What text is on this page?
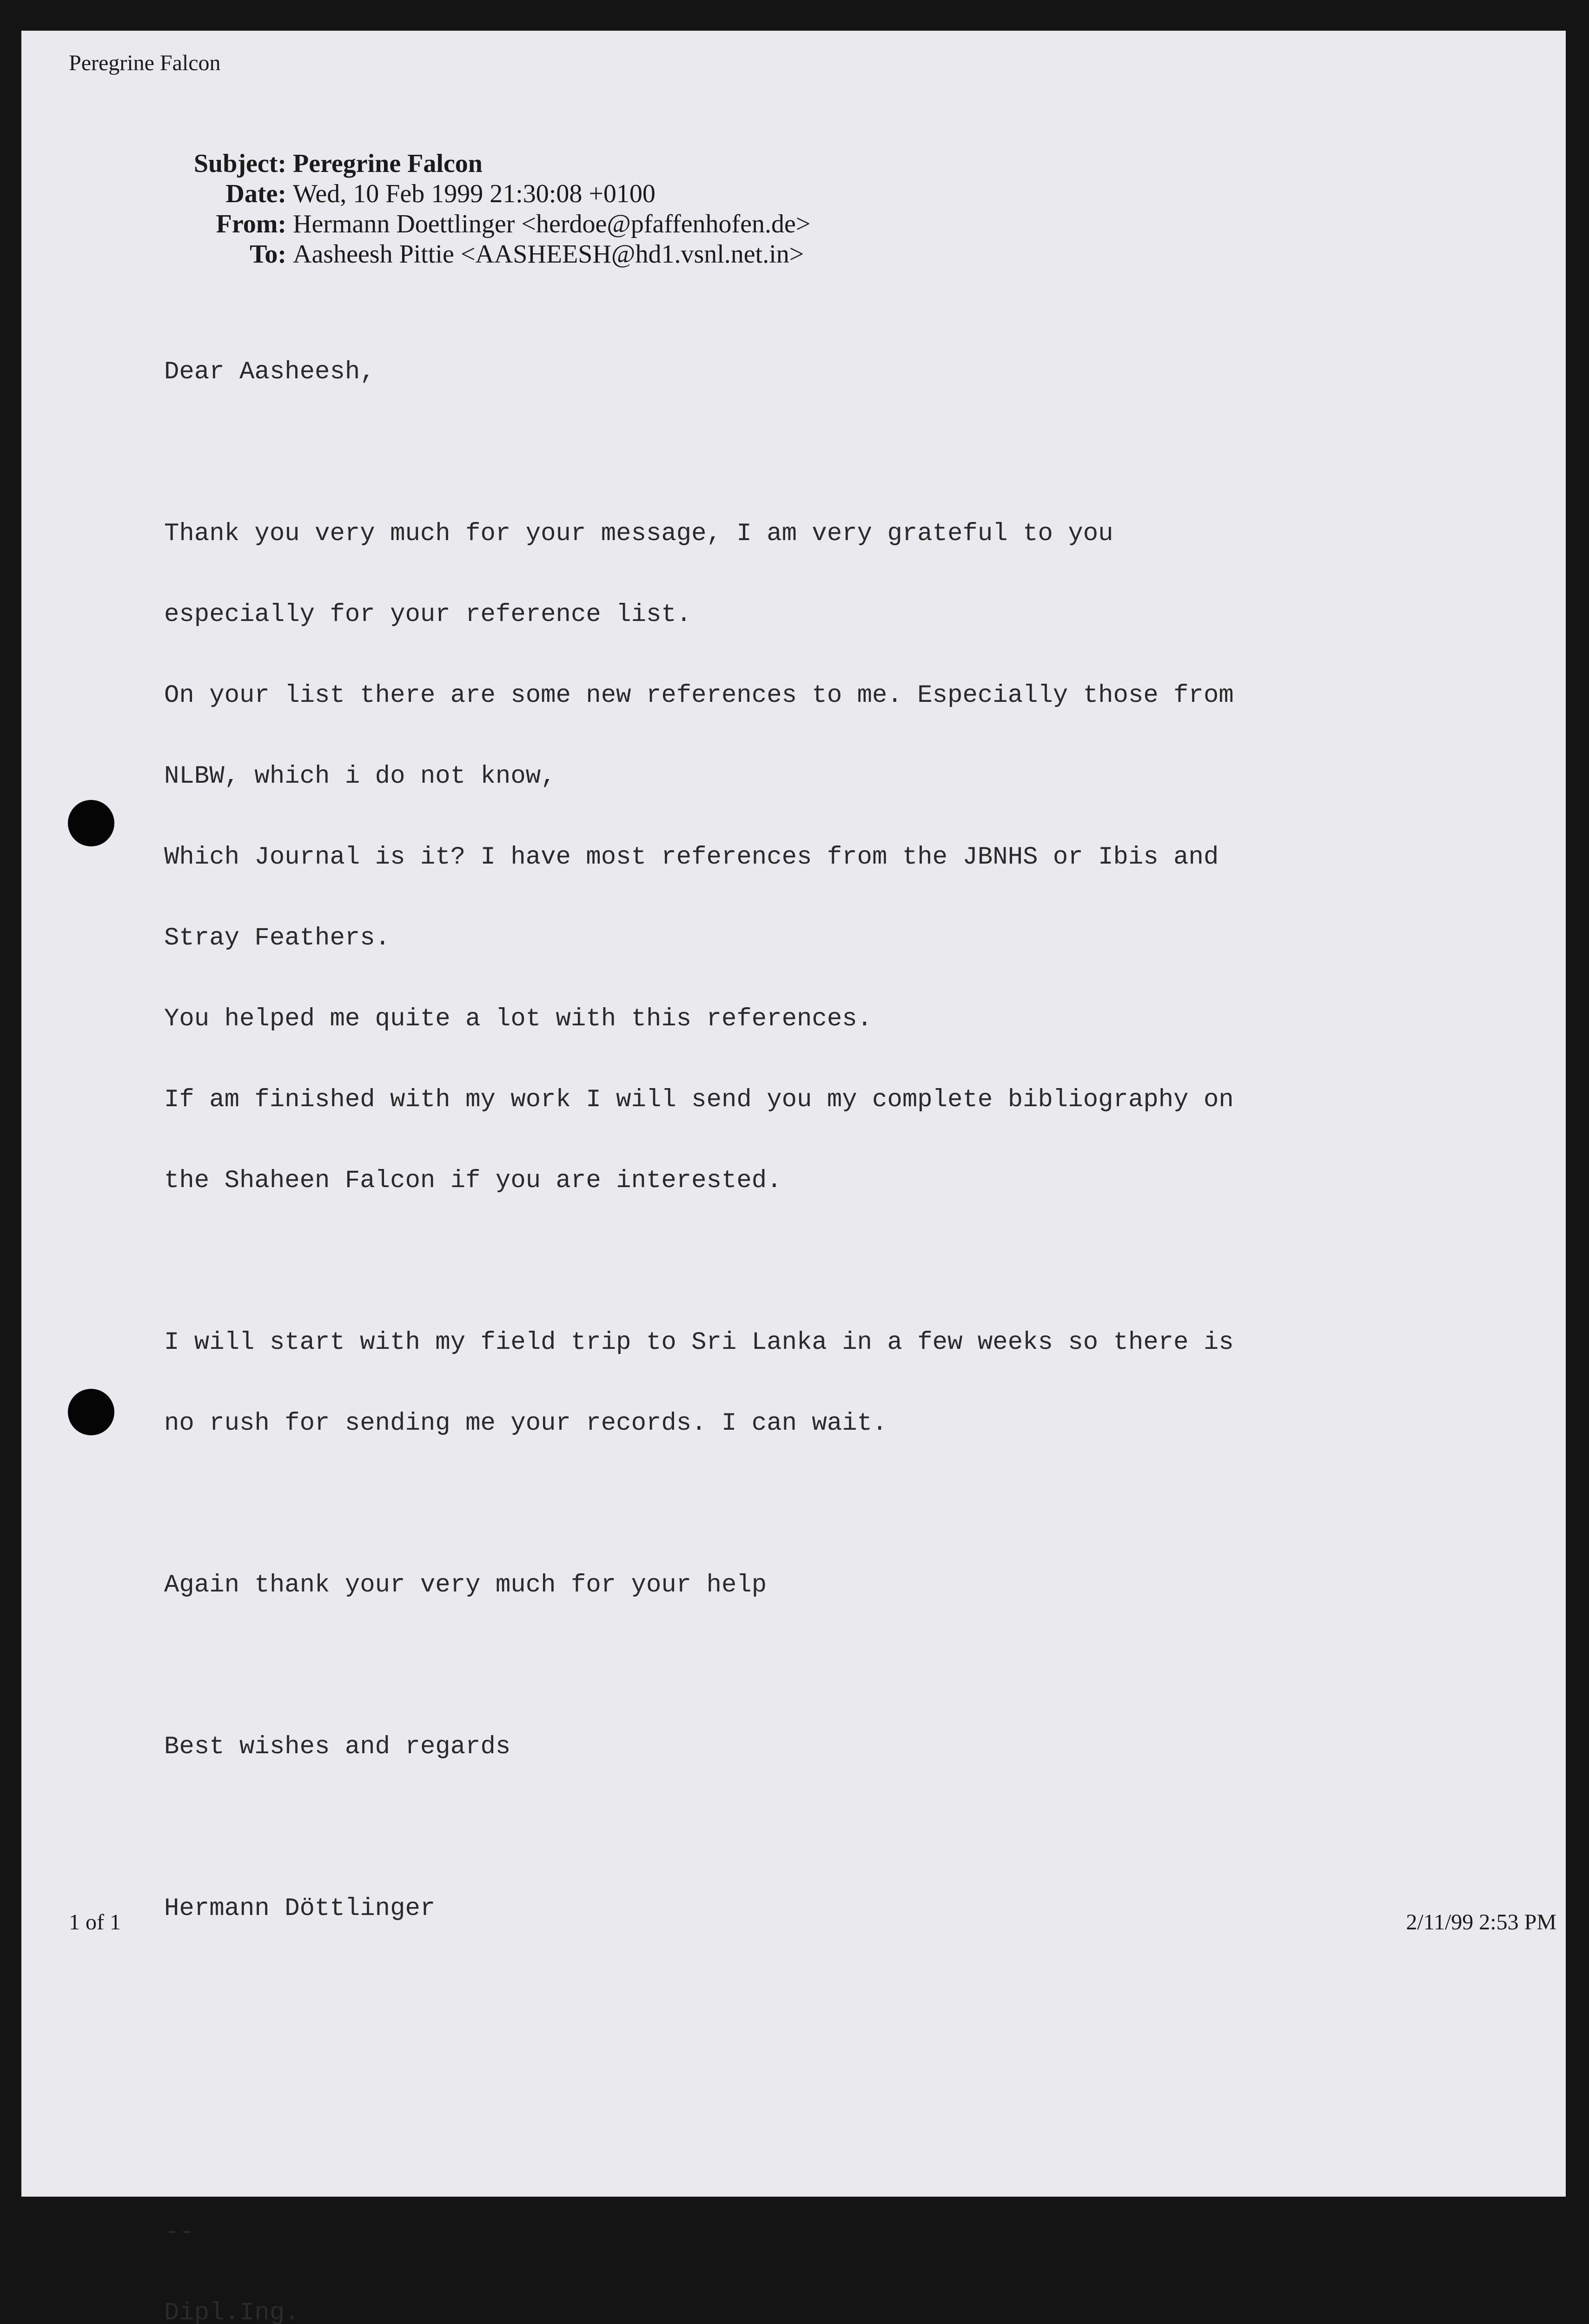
Peregrine Falcon
Subject: Peregrine Falcon
Date: Wed, 10 Feb 1999 21:30:08 +0100
From: Hermann Doettlinger <herdoe@pfaffenhofen.de>
To: Aasheesh Pittie <AASHEESH@hd1.vsnl.net.in>

Dear Aasheesh,

Thank you very much for your message, I am very grateful to you

especially for your reference list.

On your list there are some new references to me. Especially those from

NLBW, which i do not know,

Which Journal is it? I have most references from the JBNHS or Ibis and

Stray Feathers.

You helped me quite a lot with this references.

If am finished with my work I will send you my complete bibliography on

the Shaheen Falcon if you are interested.

I will start with my field trip to Sri Lanka in a few weeks so there is

no rush for sending me your records. I can wait.

Again thank your very much for your help

Best wishes and regards

Hermann Döttlinger

--

Dipl.Ing.

1 of 1	2/11/99 2:53 PM
